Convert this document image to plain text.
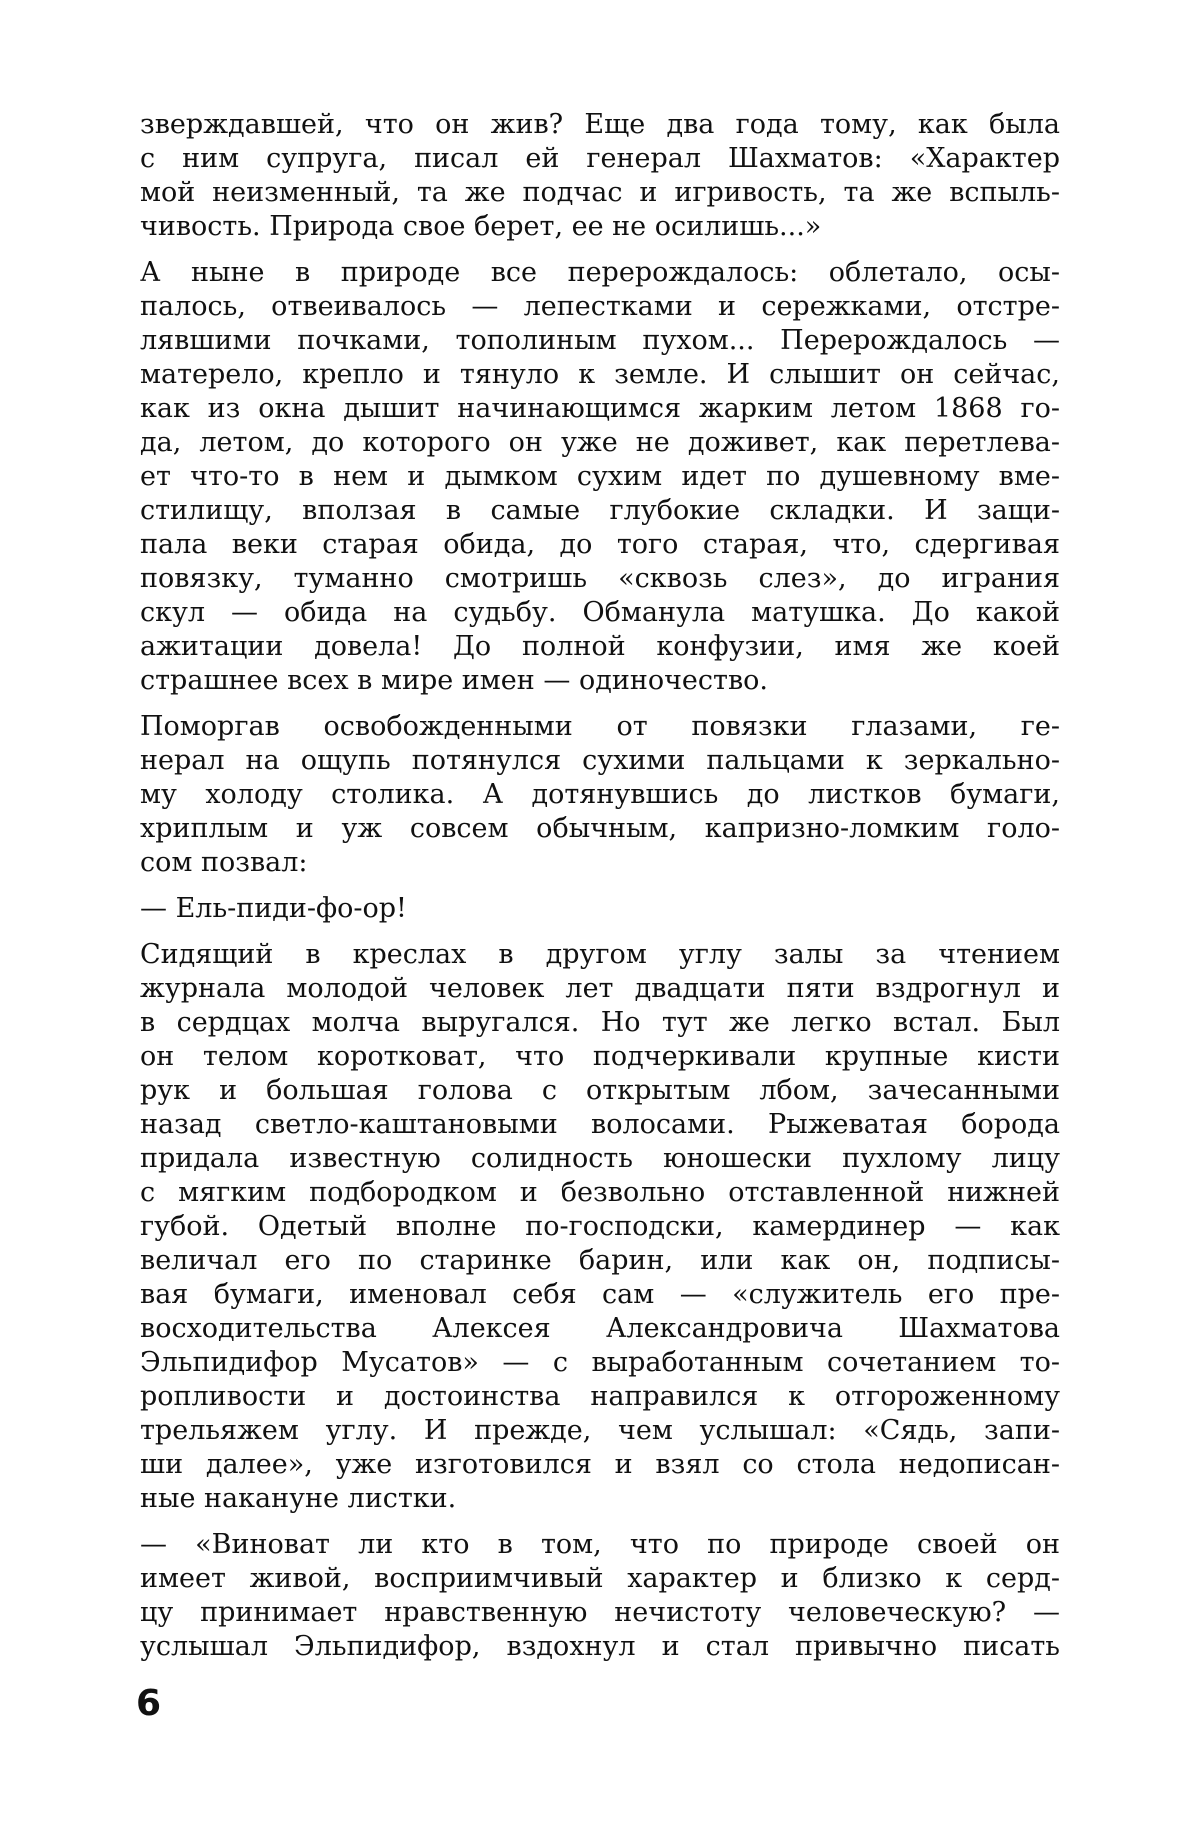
зверждавшей, что он жив? Еще два года тому, как была
с ним супруга, писал ей генерал Шахматов: «Характер
мой неизменный, та же подчас и игривость, та же вспыль-
чивость. Природа свое берет, ее не осилишь...»
А ныне в природе все перерождалось: облетало, осы-
палось, отвеивалось — лепестками и сережками, отстре-
лявшими почками, тополиным пухом... Перерождалось —
матерело, крепло и тянуло к земле. И слышит он сейчас,
как из окна дышит начинающимся жарким летом 1868 го-
да, летом, до которого он уже не доживет, как перетлева-
ет что-то в нем и дымком сухим идет по душевному вме-
стилищу, вползая в самые глубокие складки. И защи-
пала веки старая обида, до того старая, что, сдергивая
повязку, туманно смотришь «сквозь слез», до играния
скул — обида на судьбу. Обманула матушка. До какой
ажитации довела! До полной конфузии, имя же коей
страшнее всех в мире имен — одиночество.
Поморгав освобожденными от повязки глазами, ге-
нерал на ощупь потянулся сухими пальцами к зеркально-
му холоду столика. А дотянувшись до листков бумаги,
хриплым и уж совсем обычным, капризно-ломким голо-
сом позвал:
— Ель-пиди-фо-ор!
Сидящий в креслах в другом углу залы за чтением
журнала молодой человек лет двадцати пяти вздрогнул и
в сердцах молча выругался. Но тут же легко встал. Был
он телом коротковат, что подчеркивали крупные кисти
рук и большая голова с открытым лбом, зачесанными
назад светло-каштановыми волосами. Рыжеватая борода
придала известную солидность юношески пухлому лицу
с мягким подбородком и безвольно отставленной нижней
губой. Одетый вполне по-господски, камердинер — как
величал его по старинке барин, или как он, подписы-
вая бумаги, именовал себя сам — «служитель его пре-
восходительства Алексея Александровича Шахматова
Эльпидифор Мусатов» — с выработанным сочетанием то-
ропливости и достоинства направился к отгороженному
трельяжем углу. И прежде, чем услышал: «Сядь, запи-
ши далее», уже изготовился и взял со стола недописан-
ные накануне листки.
— «Виноват ли кто в том, что по природе своей он
имеет живой, восприимчивый характер и близко к серд-
цу принимает нравственную нечистоту человеческую? —
услышал Эльпидифор, вздохнул и стал привычно писать
6
